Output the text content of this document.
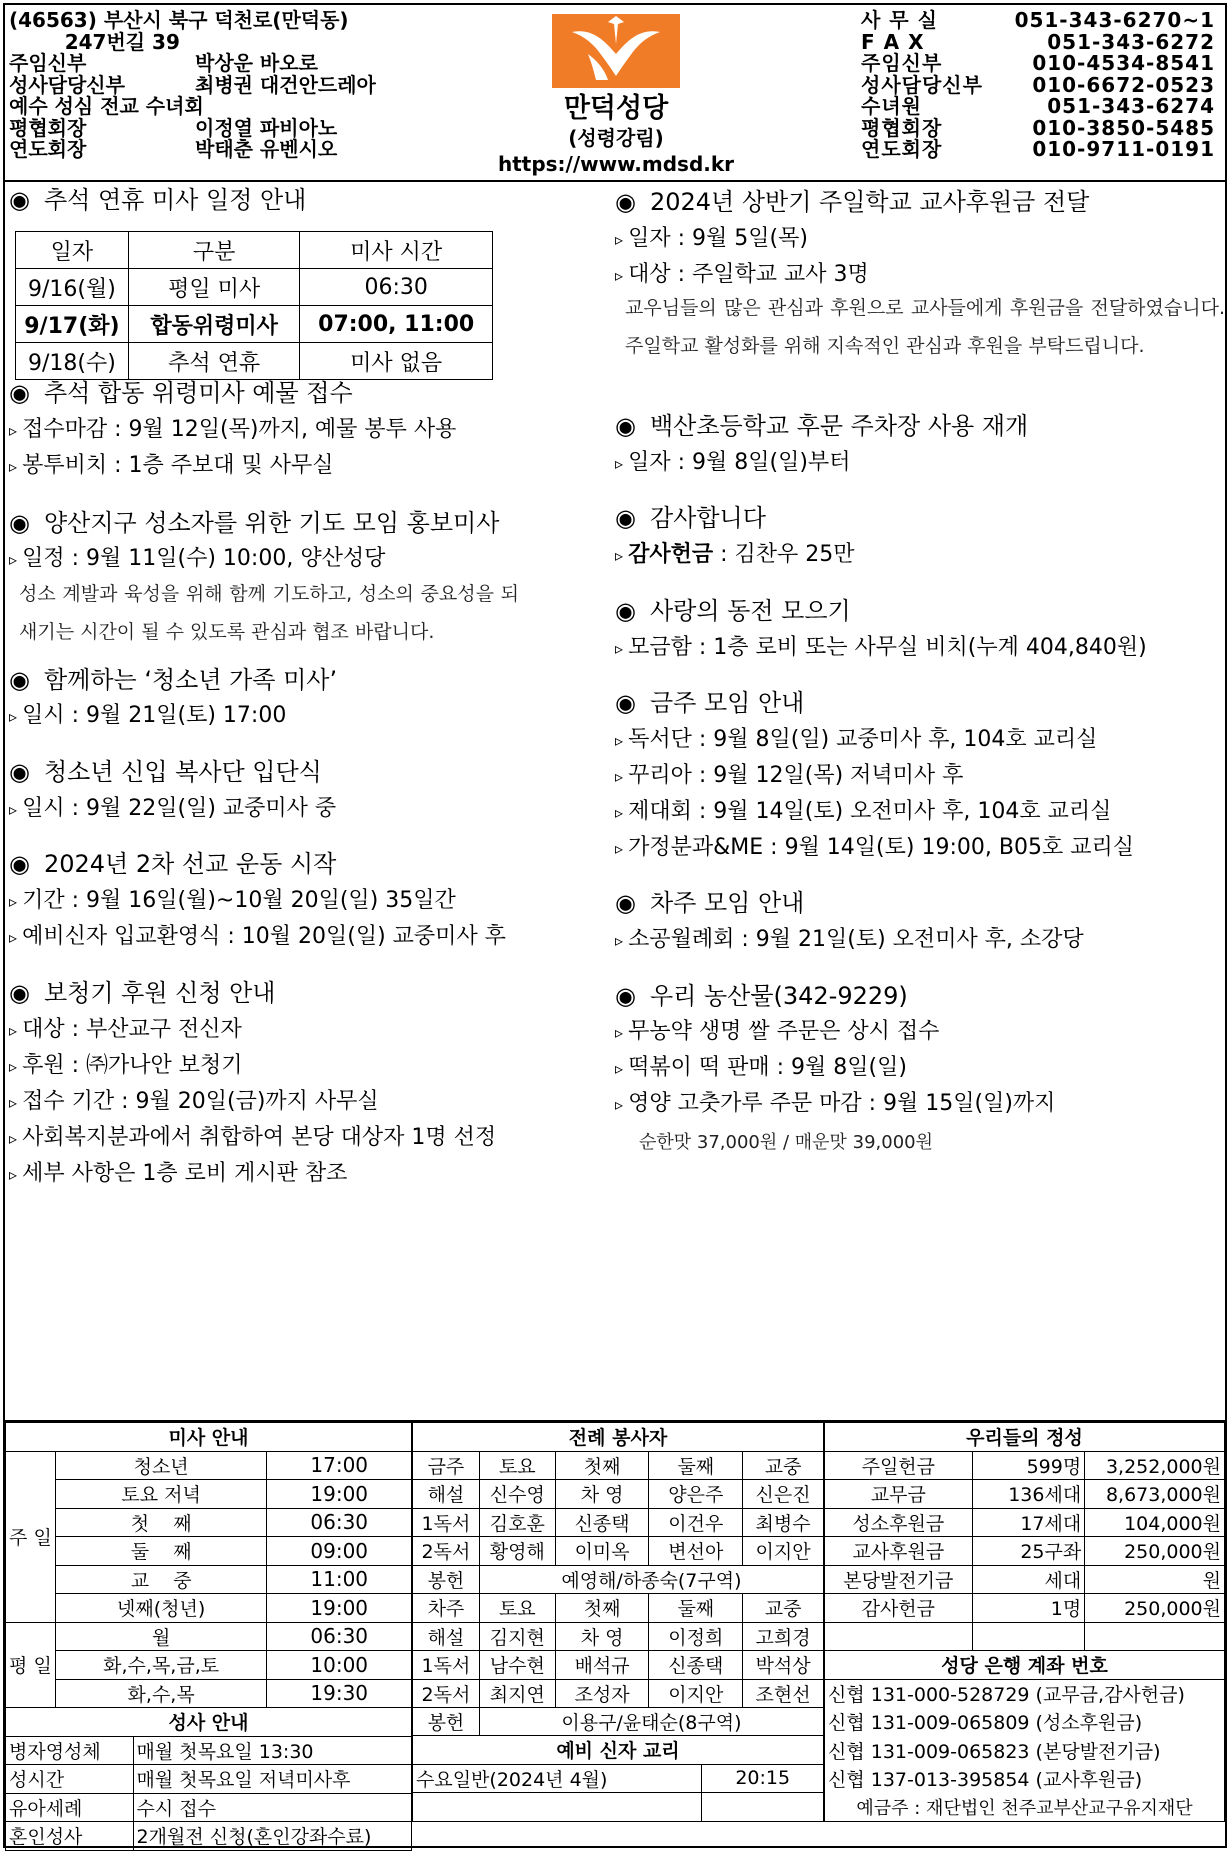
(46563) 부산시 북구 덕천로(만덕동)
247번길 39
주임신부	박상운 바오로
성사담당신부	최병권 대건안드레아
예수 성심 전교 수녀회
평협회장	이정열 파비아노
연도회장	박태춘 유벤시오
만덕성당
(성령강림)
https://www.mdsd.kr
사 무 실	051-343-6270~1
F A X	051-343-6272
주임신부	010-4534-8541
성사담당신부 010-6672-0523
수녀원	051-343-6274
평협회장	010-3850-5485
연도회장	010-9711-0191
미사 안내		
주 일	청소년	17:00
	토요 저녁	19:00
	첫    째	06:30
	둘    째	09:00
	교    중	11:00
	넷째(청년)	19:00
평 일	월	06:30
	화,수,목,금,토	10:00
	화,수,목	19:30
성사 안내	
병자영성체	매월 첫목요일 13:30
성시간	매월 첫목요일 저녁미사후
유아세례	수시 접수
혼인성사	2개월전 신청(혼인강좌수료)
전례 봉사자				
금주	토요	첫째	둘째	교중
해설	신수영	차 영	양은주	신은진
1독서	김호훈	신종택	이건우	최병수
2독서	황영해	이미옥	변선아	이지안
봉헌	예영해/하종숙(7구역)			
차주	토요	첫째	둘째	교중
해설	김지현	차 영	이정희	고희경
1독서	남수현	배석규	신종택	박석상
2독서	최지연	조성자	이지안	조현선
봉헌	이용구/윤태순(8구역)			
예비 신자 교리	
수요일반(2024년 4월)	20:15

우리들의 정성		
주일헌금	599명	3,252,000원
교무금	136세대	8,673,000원
성소후원금	17세대	104,000원
교사후원금	25구좌	250,000원
본당발전기금	세대	원
감사헌금	1명	250,000원

성당 은행 계좌 번호
신협 131-000-528729 (교무금,감사헌금)
신협 131-009-065809 (성소후원금)
신협 131-009-065823 (본당발전기금)
신협 137-013-395854 (교사후원금)
예금주 : 재단법인 천주교부산교구유지재단
◉ 추석 연휴 미사 일정 안내
일자	구분	미사 시간
9/16(월)	평일 미사	06:30
9/17(화)	합동위령미사	07:00, 11:00
9/18(수)	추석 연휴	미사 없음
◉ 추석 합동 위령미사 예물 접수
▹ 접수마감 : 9월 12일(목)까지, 예물 봉투 사용
▹ 봉투비치 : 1층 주보대 및 사무실
◉ 양산지구 성소자를 위한 기도 모임 홍보미사
▹ 일정 : 9월 11일(수) 10:00, 양산성당
성소 계발과 육성을 위해 함께 기도하고, 성소의 중요성을 되새기는 시간이 될 수 있도록 관심과 협조 바랍니다.
◉ 함께하는 ‘청소년 가족 미사’
▹ 일시 : 9월 21일(토) 17:00
◉ 청소년 신입 복사단 입단식
▹ 일시 : 9월 22일(일) 교중미사 중
◉ 2024년 2차 선교 운동 시작
▹ 기간 : 9월 16일(월)~10월 20일(일) 35일간
▹ 예비신자 입교환영식 : 10월 20일(일) 교중미사 후
◉ 보청기 후원 신청 안내
▹ 대상 : 부산교구 전신자
▹ 후원 : ㈜가나안 보청기
▹ 접수 기간 : 9월 20일(금)까지 사무실
▹ 사회복지분과에서 취합하여 본당 대상자 1명 선정
▹ 세부 사항은 1층 로비 게시판 참조
◉ 2024년 상반기 주일학교 교사후원금 전달
▹ 일자 : 9월 5일(목)
▹ 대상 : 주일학교 교사 3명
교우님들의 많은 관심과 후원으로 교사들에게 후원금을 전달하였습니다. 주일학교 활성화를 위해 지속적인 관심과 후원을 부탁드립니다.
◉ 백산초등학교 후문 주차장 사용 재개
▹ 일자 : 9월 8일(일)부터
◉ 감사합니다
▹ 감사헌금 : 김찬우 25만
◉ 사랑의 동전 모으기
▹ 모금함 : 1층 로비 또는 사무실 비치(누계 404,840원)
◉ 금주 모임 안내
▹ 독서단 : 9월 8일(일) 교중미사 후, 104호 교리실
▹ 꾸리아 : 9월 12일(목) 저녁미사 후
▹ 제대회 : 9월 14일(토) 오전미사 후, 104호 교리실
▹ 가정분과&ME : 9월 14일(토) 19:00, B05호 교리실
◉ 차주 모임 안내
▹ 소공월례회 : 9월 21일(토) 오전미사 후, 소강당
◉ 우리 농산물(342-9229)
▹ 무농약 생명 쌀 주문은 상시 접수
▹ 떡볶이 떡 판매 : 9월 8일(일)
▹ 영양 고춧가루 주문 마감 : 9월 15일(일)까지
순한맛 37,000원 / 매운맛 39,000원
